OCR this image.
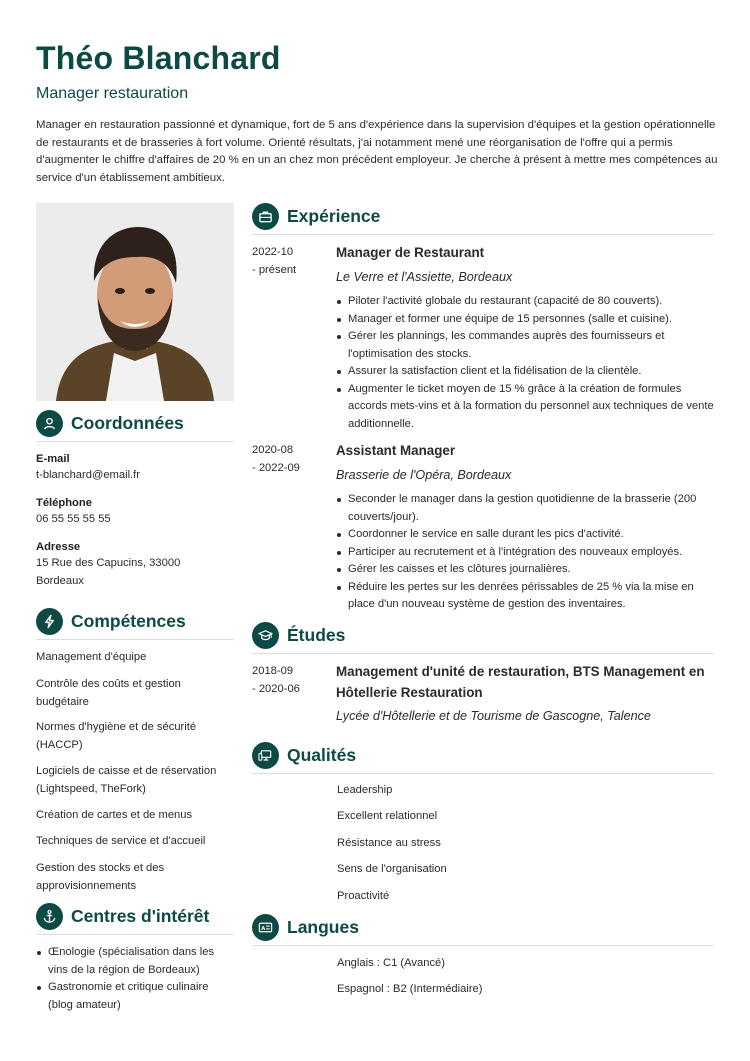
Théo Blanchard
Manager restauration
Manager en restauration passionné et dynamique, fort de 5 ans d'expérience dans la supervision d'équipes et la gestion opérationnelle de restaurants et de brasseries à fort volume. Orienté résultats, j'ai notamment mené une réorganisation de l'offre qui a permis d'augmenter le chiffre d'affaires de 20 % en un an chez mon précédent employeur. Je cherche à présent à mettre mes compétences au service d'un établissement ambitieux.
Coordonnées
E-mail
t-blanchard@email.fr
Téléphone
06 55 55 55 55
Adresse
15 Rue des Capucins, 33000 Bordeaux
Compétences
Management d'équipe
Contrôle des coûts et gestion budgétaire
Normes d'hygiène et de sécurité (HACCP)
Logiciels de caisse et de réservation (Lightspeed, TheFork)
Création de cartes et de menus
Techniques de service et d'accueil
Gestion des stocks et des approvisionnements
Centres d'intérêt
Œnologie (spécialisation dans les vins de la région de Bordeaux)
Gastronomie et critique culinaire (blog amateur)
Expérience
2022-10
- présent
Manager de Restaurant
Le Verre et l'Assiette, Bordeaux
Piloter l'activité globale du restaurant (capacité de 80 couverts).
Manager et former une équipe de 15 personnes (salle et cuisine).
Gérer les plannings, les commandes auprès des fournisseurs et l'optimisation des stocks.
Assurer la satisfaction client et la fidélisation de la clientèle.
Augmenter le ticket moyen de 15 % grâce à la création de formules accords mets-vins et à la formation du personnel aux techniques de vente additionnelle.
2020-08
- 2022-09
Assistant Manager
Brasserie de l'Opéra, Bordeaux
Seconder le manager dans la gestion quotidienne de la brasserie (200 couverts/jour).
Coordonner le service en salle durant les pics d'activité.
Participer au recrutement et à l'intégration des nouveaux employés.
Gérer les caisses et les clôtures journalières.
Réduire les pertes sur les denrées périssables de 25 % via la mise en place d'un nouveau système de gestion des inventaires.
Études
2018-09
- 2020-06
Management d'unité de restauration, BTS Management en Hôtellerie Restauration
Lycée d'Hôtellerie et de Tourisme de Gascogne, Talence
Qualités
Leadership
Excellent relationnel
Résistance au stress
Sens de l'organisation
Proactivité
A Langues
Anglais : C1 (Avancé)
Espagnol : B2 (Intermédiaire)
